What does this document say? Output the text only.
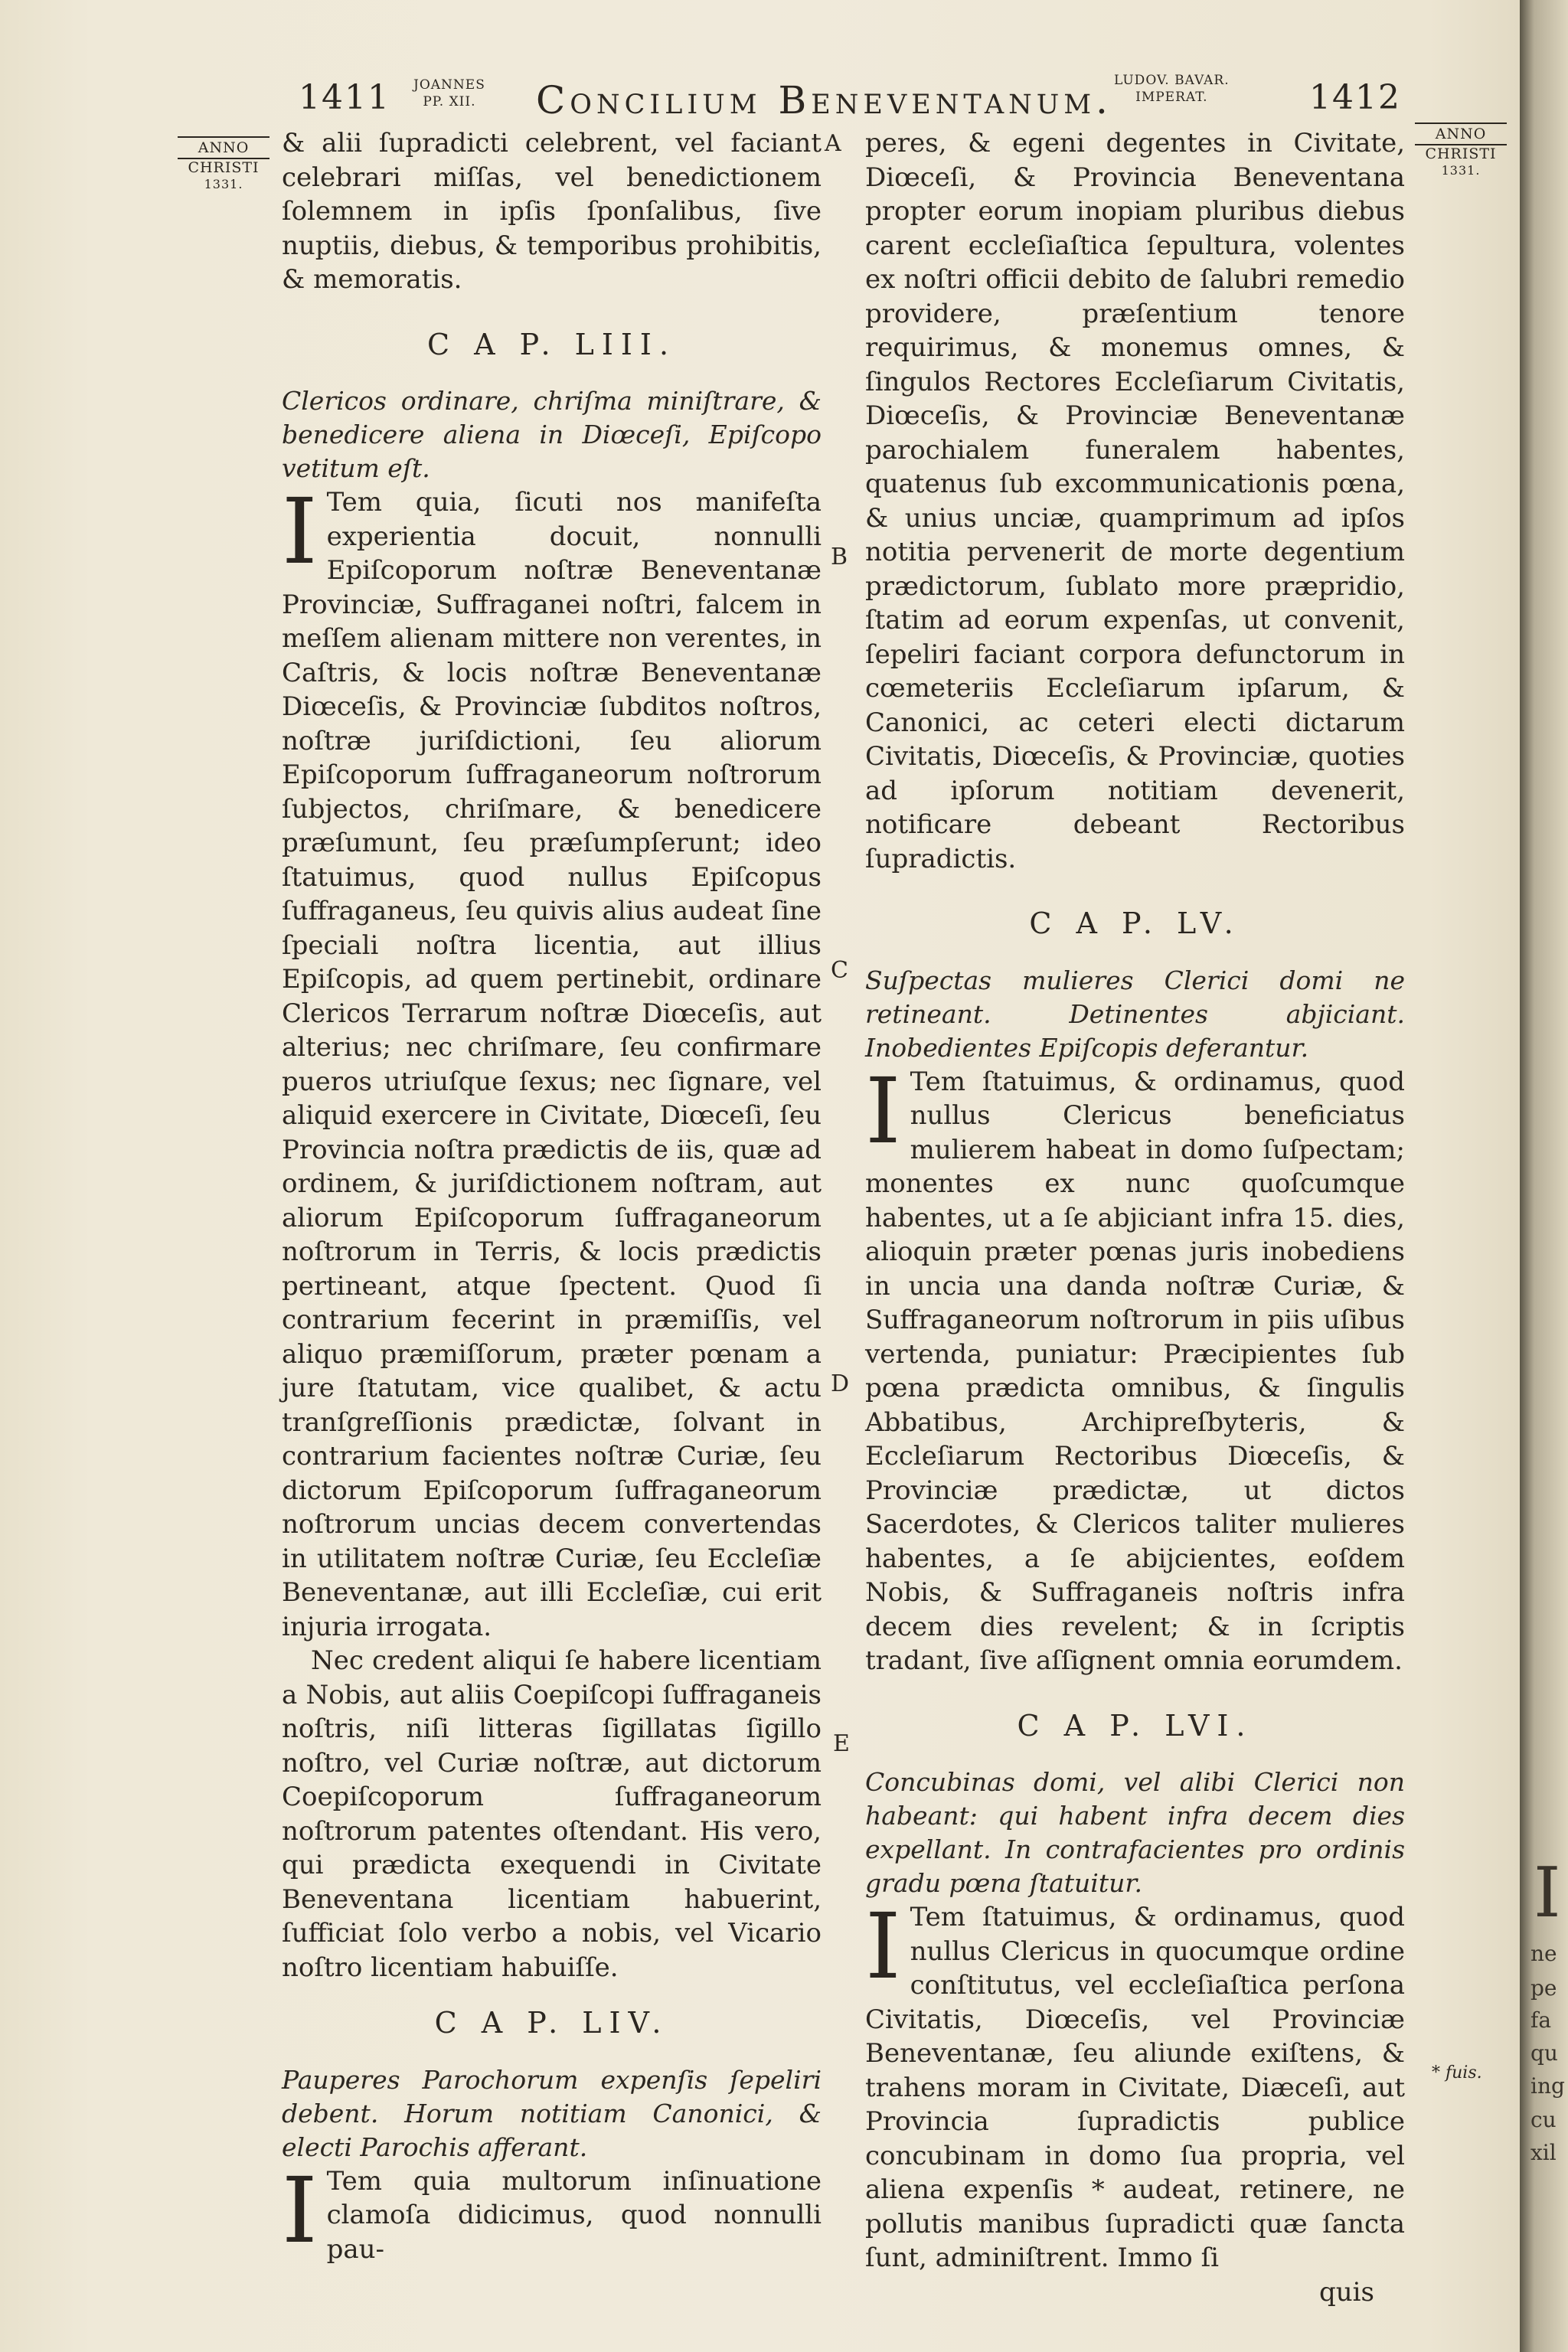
1411 JOANNES
PP. XII. Concilium Beneventanum. LUDOV. BAVAR.
IMPERAT.	1412
ANNO
CHRISTI
1331.
ANNO
CHRISTI
1331.
A
B
C
D
E
* fuis.

& alii ſupradicti celebrent, vel faciant celebrari miſſas, vel benedictionem ſolemnem in ipſis ſponſalibus, ſive nuptiis, diebus, & temporibus prohibitis, & memoratis.

C A P. LIII.

Clericos ordinare, chriſma miniſtrare, & benedicere aliena in Diœceſi, Epiſcopo vetitum eſt.

I Tem quia, ſicuti nos manifeſta experientia docuit, nonnulli Epiſcoporum noſtræ Beneventanæ Provinciæ, Suffraganei noſtri, falcem in meſſem alienam mittere non verentes, in Caſtris, & locis noſtræ Beneventanæ Diœceſis, & Provinciæ ſubditos noſtros, noſtræ juriſdictioni, ſeu aliorum Epiſcoporum ſuffraganeorum noſtrorum ſubjectos, chriſmare, & benedicere præſumunt, ſeu præſumpſerunt; ideo ſtatuimus, quod nullus Epiſcopus ſuffraganeus, ſeu quivis alius audeat ſine ſpeciali noſtra licentia, aut illius Epiſcopis, ad quem pertinebit, ordinare Clericos Terrarum noſtræ Diœceſis, aut alterius; nec chriſmare, ſeu confirmare pueros utriuſque ſexus; nec ſignare, vel aliquid exercere in Civitate, Diœceſi, ſeu Provincia noſtra prædictis de iis, quæ ad ordinem, & juriſdictionem noſtram, aut aliorum Epiſcoporum ſuffraganeorum noſtrorum in Terris, & locis prædictis pertineant, atque ſpectent. Quod ſi contrarium fecerint in præmiſſis, vel aliquo præmiſſorum, præter pœnam a jure ſtatutam, vice qualibet, & actu tranſgreſſionis prædictæ, ſolvant in contrarium facientes noſtræ Curiæ, ſeu dictorum Epiſcoporum ſuffraganeorum noſtrorum uncias decem convertendas in utilitatem noſtræ Curiæ, ſeu Eccleſiæ Beneventanæ, aut illi Eccleſiæ, cui erit injuria irrogata.

Nec credent aliqui ſe habere licentiam a Nobis, aut aliis Coepiſcopi ſuffraganeis noſtris, niſi litteras ſigillatas ſigillo noſtro, vel Curiæ noſtræ, aut dictorum Coepiſcoporum ſuffraganeorum noſtrorum patentes oſtendant. His vero, qui prædicta exequendi in Civitate Beneventana licentiam habuerint, ſufficiat ſolo verbo a nobis, vel Vicario noſtro licentiam habuiſſe.

C A P. LIV.

Pauperes Parochorum expenſis ſepeliri debent. Horum notitiam Canonici, & electi Parochis afferant.

I Tem quia multorum inſinuatione clamoſa didicimus, quod nonnulli pau-

peres, & egeni degentes in Civitate, Diœceſi, & Provincia Beneventana propter eorum inopiam pluribus diebus carent eccleſiaſtica ſepultura, volentes ex noſtri officii debito de ſalubri remedio providere, præſentium tenore requirimus, & monemus omnes, & ſingulos Rectores Eccleſiarum Civitatis, Diœceſis, & Provinciæ Beneventanæ parochialem funeralem habentes, quatenus ſub excommunicationis pœna, & unius unciæ, quamprimum ad ipſos notitia pervenerit de morte degentium prædictorum, ſublato more præpridio, ſtatim ad eorum expenſas, ut convenit, ſepeliri faciant corpora defunctorum in cœmeteriis Eccleſiarum ipſarum, & Canonici, ac ceteri electi dictarum Civitatis, Diœceſis, & Provinciæ, quoties ad ipſorum notitiam devenerit, notificare debeant Rectoribus ſupradictis.

C A P. LV.

Suſpectas mulieres Clerici domi ne retineant. Detinentes abjiciant. Inobedientes Epiſcopis deferantur.

I Tem ſtatuimus, & ordinamus, quod nullus Clericus beneficiatus mulierem habeat in domo ſuſpectam; monentes ex nunc quoſcumque habentes, ut a ſe abjiciant infra 15. dies, alioquin præter pœnas juris inobediens in uncia una danda noſtræ Curiæ, & Suffraganeorum noſtrorum in piis uſibus vertenda, puniatur: Præcipientes ſub pœna prædicta omnibus, & ſingulis Abbatibus, Archipreſbyteris, & Eccleſiarum Rectoribus Diœceſis, & Provinciæ prædictæ, ut dictos Sacerdotes, & Clericos taliter mulieres habentes, a ſe abijcientes, eoſdem Nobis, & Suffraganeis noſtris infra decem dies revelent; & in ſcriptis tradant, ſive aſſignent omnia eorumdem.

C A P. LVI.

Concubinas domi, vel alibi Clerici non habeant: qui habent infra decem dies expellant. In contrafacientes pro ordinis gradu pœna ſtatuitur.

I Tem ſtatuimus, & ordinamus, quod nullus Clericus in quocumque ordine conſtitutus, vel eccleſiaſtica perſona Civitatis, Diœceſis, vel Provinciæ Beneventanæ, ſeu aliunde exiſtens, & trahens moram in Civitate, Diæceſi, aut Provincia ſupradictis publice concubinam in domo ſua propria, vel aliena expenſis * audeat, retinere, ne pollutis manibus ſupradicti quæ ſancta ſunt, adminiſtrent. Immo ſi

quis

I
ne
pe
fa
qu
ing
cu
xil
